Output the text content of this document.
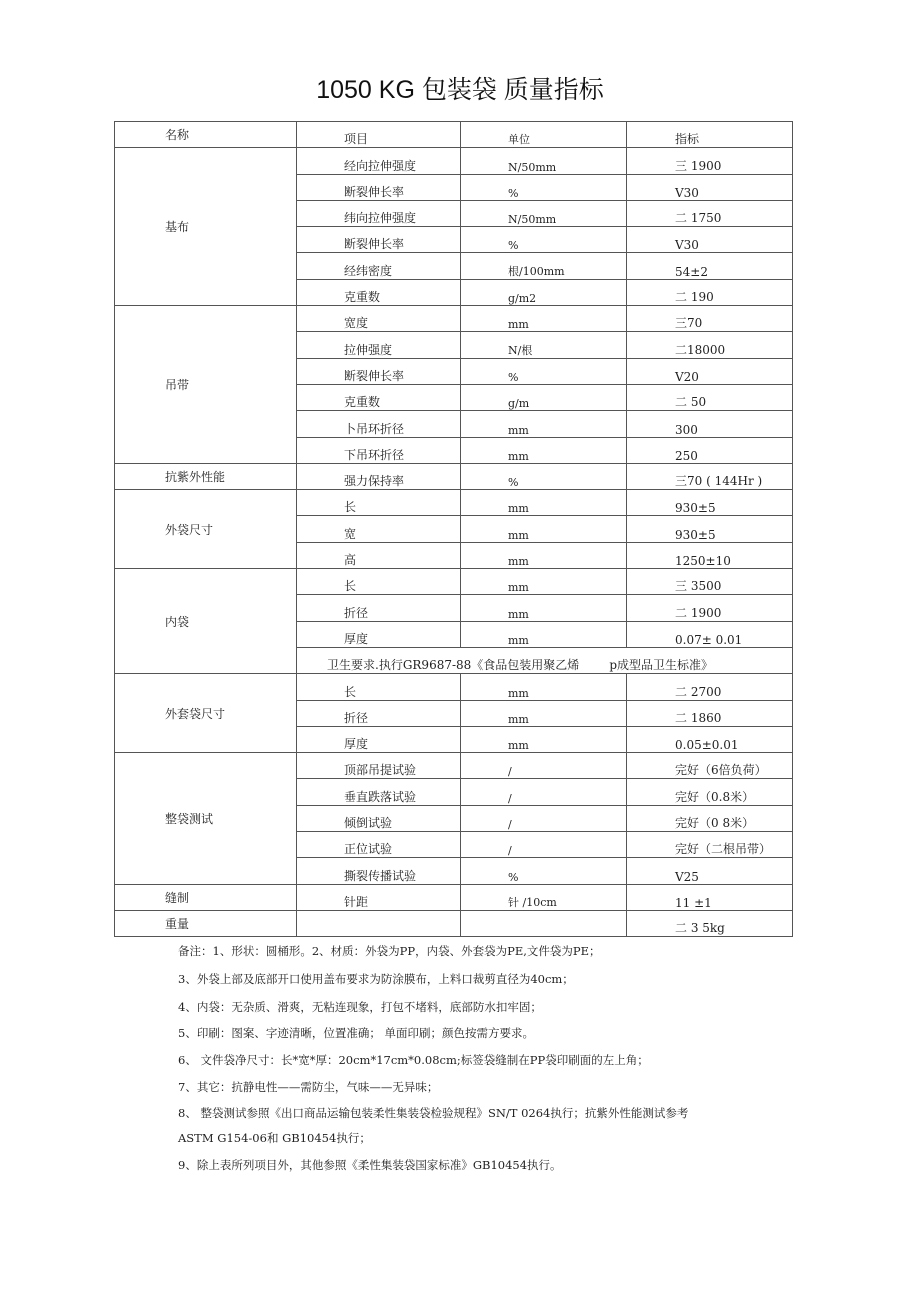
1050 KG 包装袋 质量指标
名称	项目	单位	指标
基布	经向拉伸强度	N/50mm	三 1900
	断裂伸长率	%	V30
	纬向拉伸强度	N/50mm	二 1750
	断裂伸长率	%	V30
	经纬密度	根/100mm	54±2
	克重数	g/m2	二 190
吊带	宽度	mm	三70
	拉伸强度	N/根	二18000
	断裂伸长率	%	V20
	克重数	g/m	二 50
	卜吊环折径	mm	300
	下吊环折径	mm	250
抗紫外性能	强力保持率	%	三70 ( 144Hr )
外袋尺寸	长	mm	930±5
	宽	mm	930±5
	高	mm	1250±10
内袋	长	mm	三 3500
	折径	mm	二 1900
	厚度	mm	0.07± 0.01
	卫生要求.执行GR9687-88《食品包装用聚乙烯 p成型品卫生标准》		
外套袋尺寸	长	mm	二 2700
	折径	mm	二 1860
	厚度	mm	0.05±0.01
整袋测试	顶部吊提试验	/	完好（6倍负荷）
	垂直跌落试验	/	完好（0.8米）
	倾倒试验	/	完好（0 8米）
	正位试验	/	完好（二根吊带）
	撕裂传播试验	%	V25
缝制	针距	针 /10cm	11 ±1
重量			二 3 5kg
备注：1、形状：圆桶形。2、材质：外袋为PP，内袋、外套袋为PE,文件袋为PE；
3、外袋上部及底部开口使用盖布要求为防涂膜布，上料口裁剪直径为40cm；
4、内袋：无杂质、滑爽，无粘连现象，打包不堵料，底部防水扣牢固；
5、印刷：图案、字迹清晰，位置准确； 单面印刷；颜色按需方要求。
6、 文件袋净尺寸：长*宽*厚：20cm*17cm*0.08cm;标签袋缝制在PP袋印刷面的左上角；
7、其它：抗静电性——需防尘，气味——无异味；
8、 整袋测试参照《出口商品运输包装柔性集装袋检验规程》SN/T 0264执行；抗紫外性能测试参考
ASTM G154-06和 GB10454执行；
9、除上表所列项目外，其他参照《柔性集装袋国家标准》GB10454执行。
